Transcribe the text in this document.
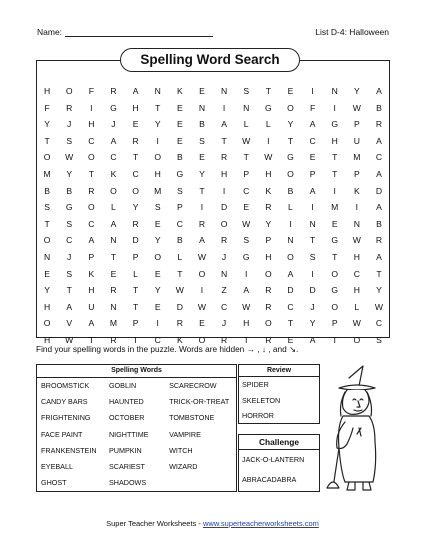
Name:	List D-4: Halloween
Spelling Word Search
H	O	F	R	A	N	K	E	N	S	T	E	I	N	Y	A
F	R	I	G	H	T	E	N	I	N	G	O	F	I	W	B
Y	J	H	J	E	Y	E	B	A	L	L	Y	A	G	P	R
T	S	C	A	R	I	E	S	T	W	I	T	C	H	U	A
O	W	O	C	T	O	B	E	R	T	W	G	E	T	M	C
M	Y	T	K	C	H	G	Y	H	P	H	O	P	T	P	A
B	B	R	O	O	M	S	T	I	C	K	B	A	I	K	D
S	G	O	L	Y	S	P	I	D	E	R	L	I	M	I	A
T	S	C	A	R	E	C	R	O	W	Y	I	N	E	N	B
O	C	A	N	D	Y	B	A	R	S	P	N	T	G	W	R
N	J	P	T	P	O	L	W	J	G	H	O	S	T	H	A
E	S	K	E	L	E	T	O	N	I	O	A	I	O	C	T
Y	T	H	R	T	Y	W	I	Z	A	R	D	D	G	H	Y
H	A	U	N	T	E	D	W	C	W	R	C	J	O	L	W
O	V	A	M	P	I	R	E	J	H	O	T	Y	P	W	C
H	W	T	R	I	C	K	O	R	T	R	E	A	T	O	S
Find your spelling words in the puzzle. Words are hidden → , ↓ , and ↘.
Spelling Words
BROOMSTICK	GOBLIN	SCARECROW
CANDY BARS	HAUNTED	TRICK-OR-TREAT
FRIGHTENING	OCTOBER	TOMBSTONE
FACE PAINT	NIGHTTIME	VAMPIRE
FRANKENSTEIN	PUMPKIN	WITCH
EYEBALL	SCARIEST	WIZARD
GHOST	SHADOWS
Review
SPIDER
SKELETON
HORROR
Challenge
JACK-O-LANTERN
ABRACADABRA
Super Teacher Worksheets - www.superteacherworksheets.com
